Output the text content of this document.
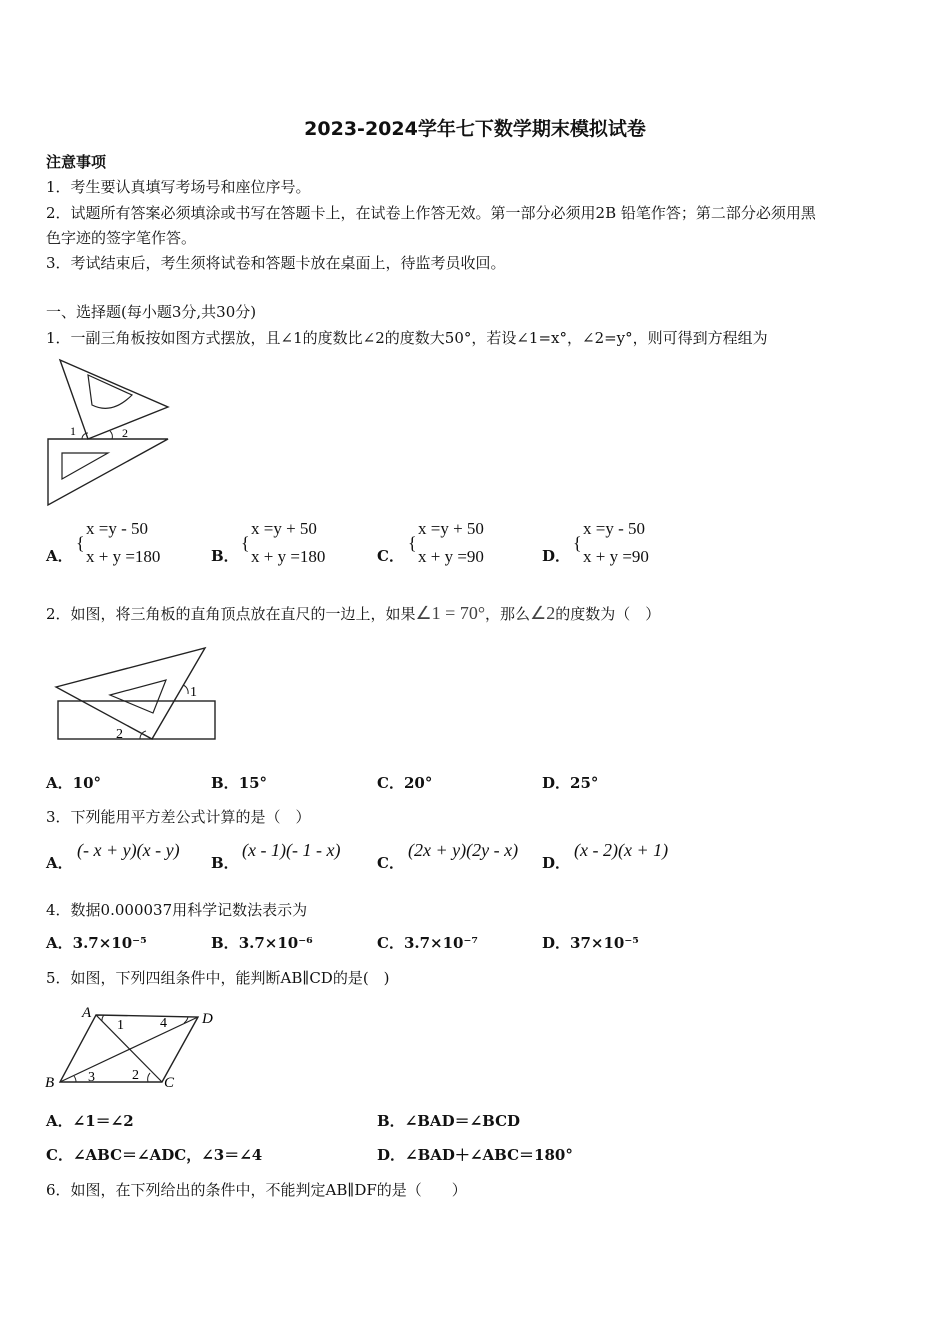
2023-2024学年七下数学期末模拟试卷
注意事项
1．考生要认真填写考场号和座位序号。
2．试题所有答案必须填涂或书写在答题卡上，在试卷上作答无效。第一部分必须用2B 铅笔作答；第二部分必须用黑
色字迹的签字笔作答。
3．考试结束后，考生须将试卷和答题卡放在桌面上，待监考员收回。
一、选择题(每小题3分,共30分)
1．一副三角板按如图方式摆放，且∠1的度数比∠2的度数大50°，若设∠1=x°，∠2=y°，则可得到方程组为
1	2
A．
{
x =y - 50
x + y =180	B．
{
x =y + 50
x + y =180	C．
{
x =y + 50
x + y =90	D．
{
x =y - 50
x + y =90
2．如图，将三角板的直角顶点放在直尺的一边上，如果∠1 = 70°，那么∠2的度数为（　）
1
2
A．10°	B．15°	C．20°	D．25°
3．下列能用平方差公式计算的是（　）
A．
(- x + y)(x - y)
B．
(x - 1)(- 1 - x)
C．
(2x + y)(2y - x)
D．
(x - 2)(x + 1)
4．数据0.000037用科学记数法表示为
A．3.7×10⁻⁵	B．3.7×10⁻⁶	C．3.7×10⁻⁷	D．37×10⁻⁵
5．如图，下列四组条件中，能判断AB∥CD的是(　)
A	D
B	C
1	4
3	2
A．∠1＝∠2	B．∠BAD＝∠BCD
C．∠ABC＝∠ADC，∠3＝∠4	D．∠BAD＋∠ABC＝180°
6．如图，在下列给出的条件中，不能判定AB∥DF的是（　　）
